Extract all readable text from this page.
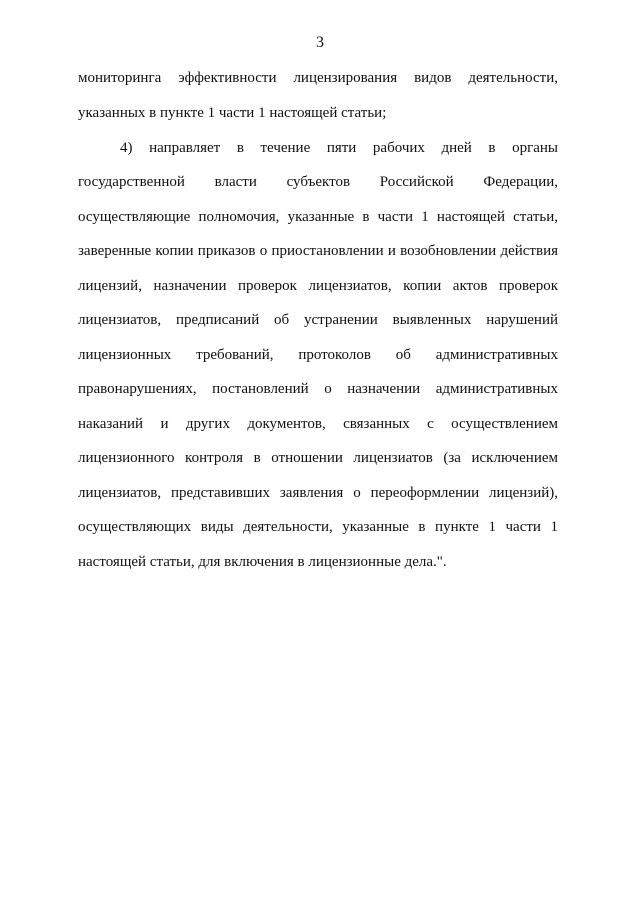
3
мониторинга эффективности лицензирования видов деятельности,
указанных в пункте 1 части 1 настоящей статьи;
4) направляет в течение пяти рабочих дней в органы
государственной власти субъектов Российской Федерации,
осуществляющие полномочия, указанные в части 1 настоящей статьи,
заверенные копии приказов о приостановлении и возобновлении действия
лицензий, назначении проверок лицензиатов, копии актов проверок
лицензиатов, предписаний об устранении выявленных нарушений
лицензионных требований, протоколов об административных
правонарушениях, постановлений о назначении административных
наказаний и других документов, связанных с осуществлением
лицензионного контроля в отношении лицензиатов (за исключением
лицензиатов, представивших заявления о переоформлении лицензий),
осуществляющих виды деятельности, указанные в пункте 1 части 1
настоящей статьи, для включения в лицензионные дела.".
